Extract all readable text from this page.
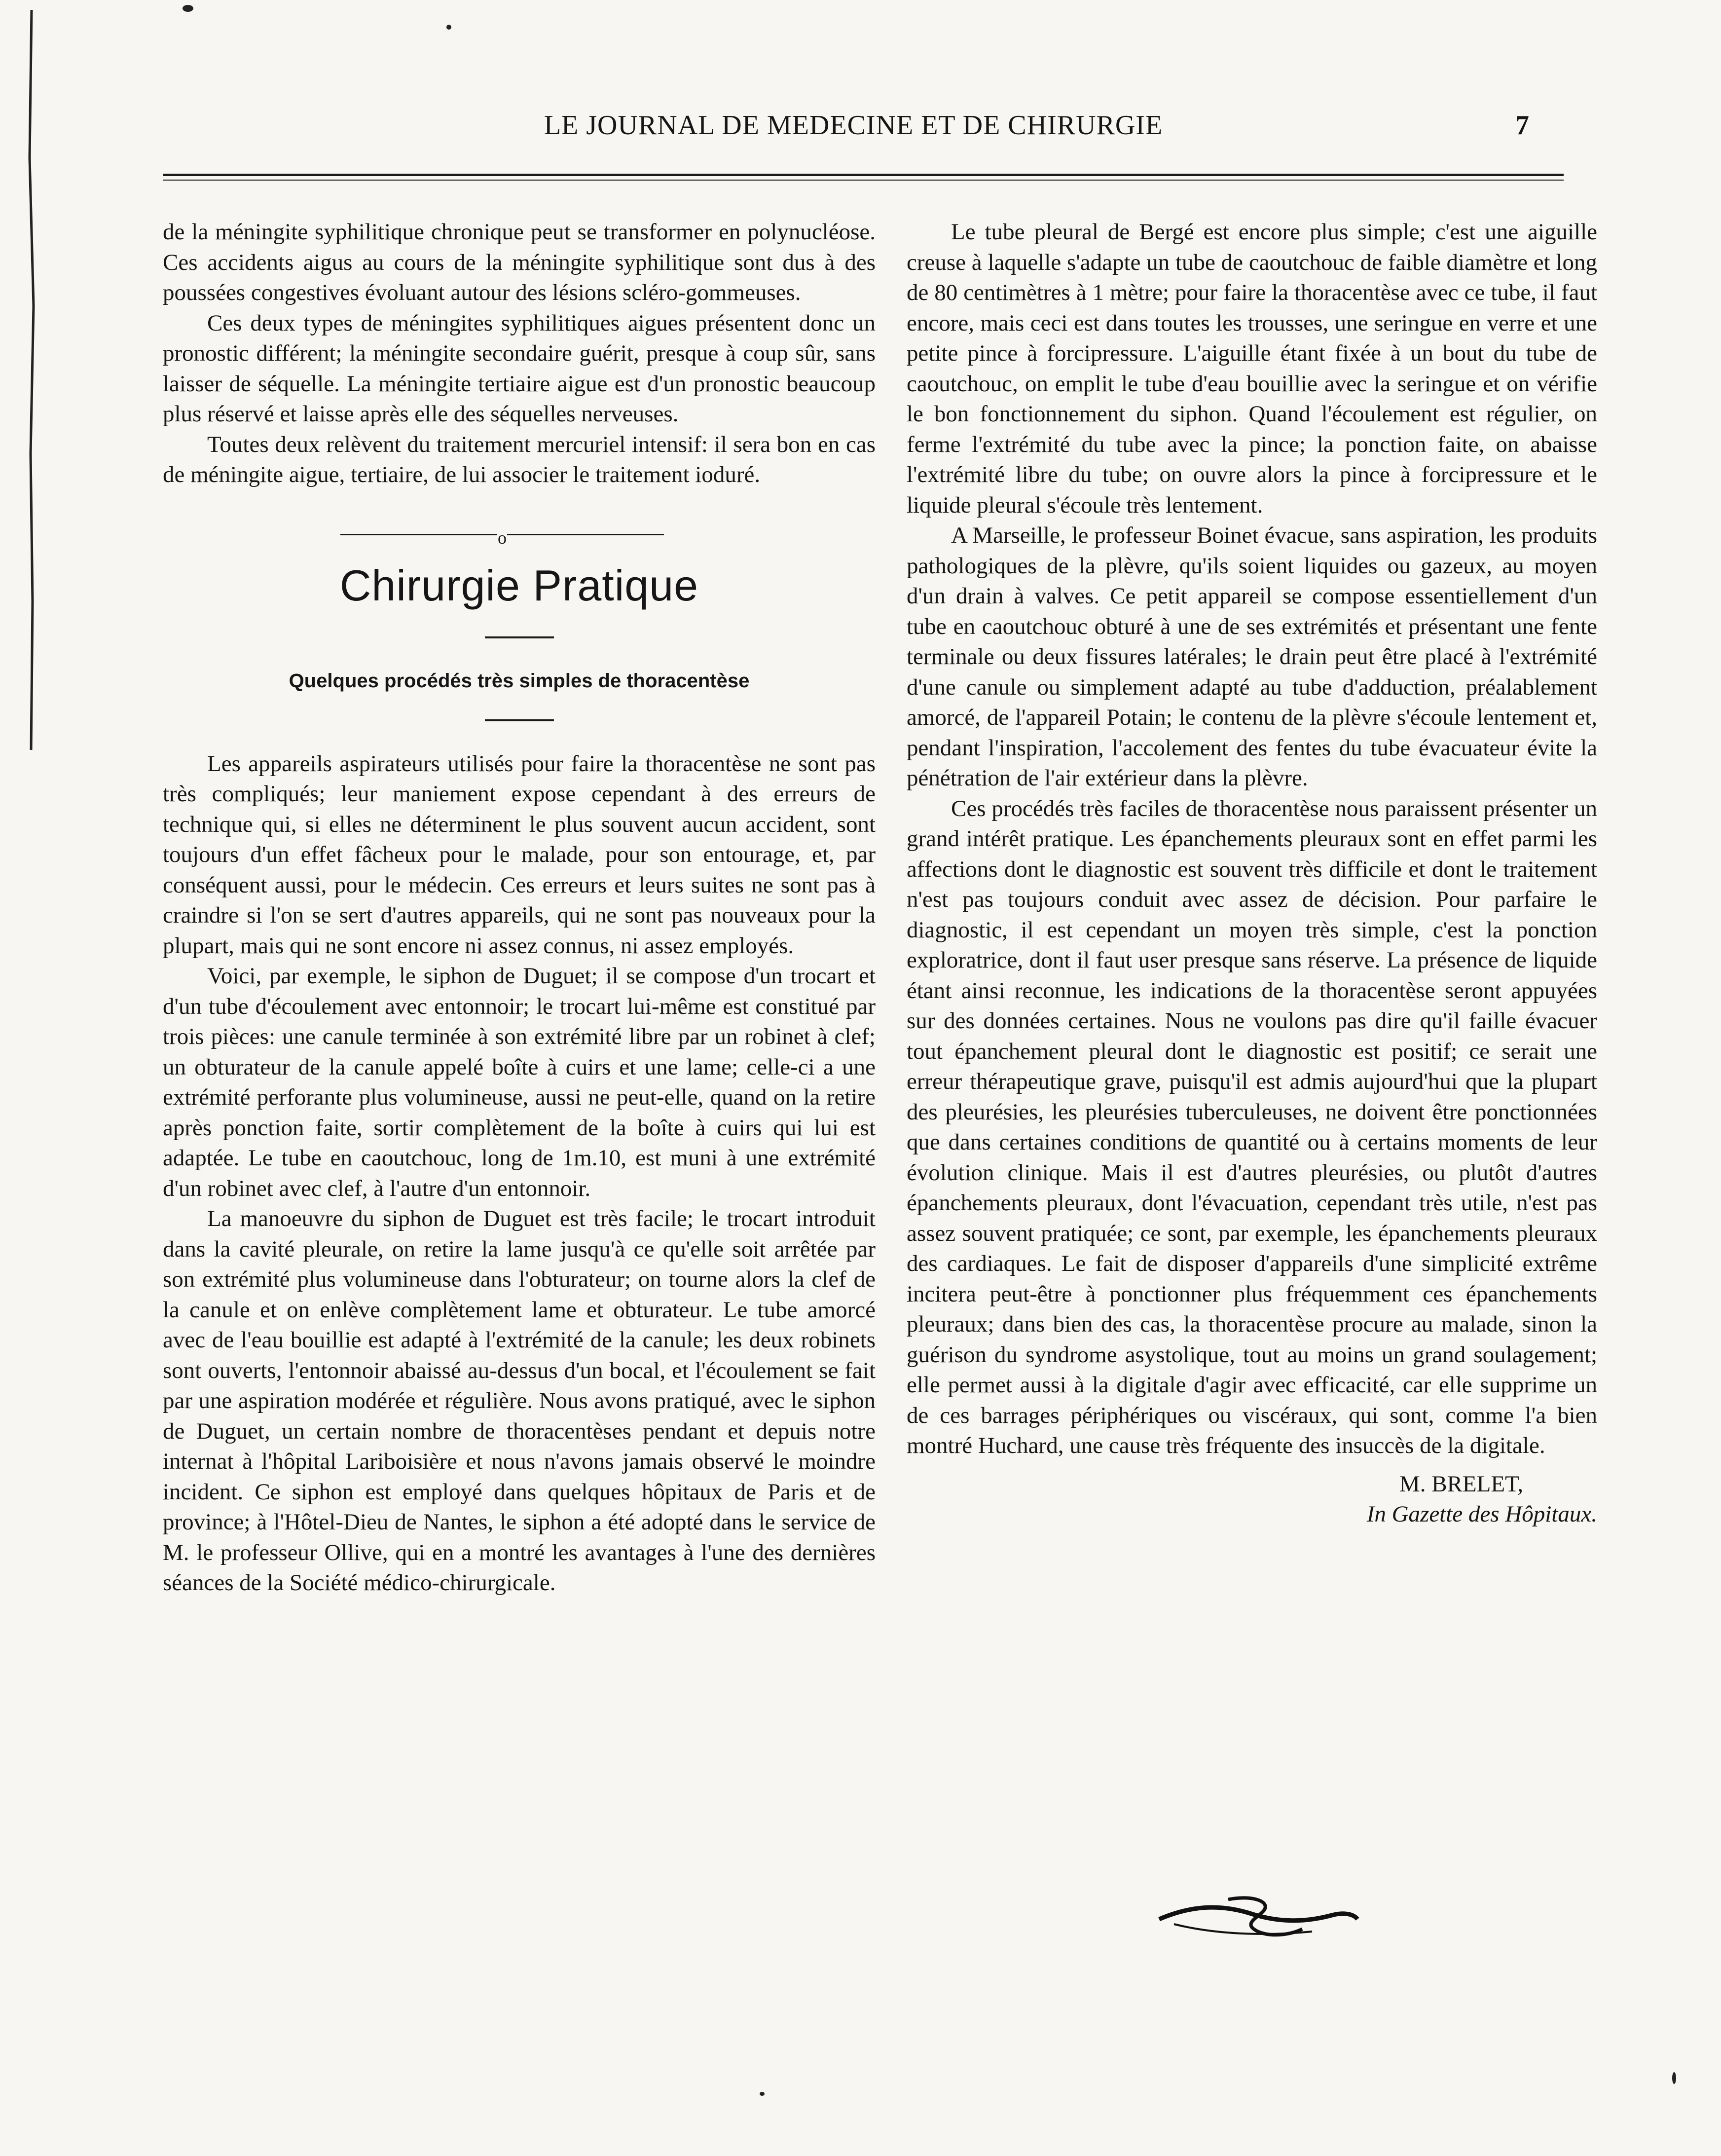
LE JOURNAL DE MEDECINE ET DE CHIRURGIE	7

de la méningite syphilitique chronique peut se transformer en polynucléose. Ces accidents aigus au cours de la méningite syphilitique sont dus à des poussées congestives évoluant autour des lésions scléro-gommeuses.

Ces deux types de méningites syphilitiques aigues présentent donc un pronostic différent; la méningite secondaire guérit, presque à coup sûr, sans laisser de séquelle. La méningite tertiaire aigue est d'un pronostic beaucoup plus réservé et laisse après elle des séquelles nerveuses.

Toutes deux relèvent du traitement mercuriel intensif: il sera bon en cas de méningite aigue, tertiaire, de lui associer le traitement ioduré.

o
Chirurgie Pratique
Quelques procédés très simples de thoracentèse

Les appareils aspirateurs utilisés pour faire la thoracentèse ne sont pas très compliqués; leur maniement expose cependant à des erreurs de technique qui, si elles ne déterminent le plus souvent aucun accident, sont toujours d'un effet fâcheux pour le malade, pour son entourage, et, par conséquent aussi, pour le médecin. Ces erreurs et leurs suites ne sont pas à craindre si l'on se sert d'autres appareils, qui ne sont pas nouveaux pour la plupart, mais qui ne sont encore ni assez connus, ni assez employés.

Voici, par exemple, le siphon de Duguet; il se compose d'un trocart et d'un tube d'écoulement avec entonnoir; le trocart lui-même est constitué par trois pièces: une canule terminée à son extrémité libre par un robinet à clef; un obturateur de la canule appelé boîte à cuirs et une lame; celle-ci a une extrémité perforante plus volumineuse, aussi ne peut-elle, quand on la retire après ponction faite, sortir complètement de la boîte à cuirs qui lui est adaptée. Le tube en caoutchouc, long de 1m.10, est muni à une extrémité d'un robinet avec clef, à l'autre d'un entonnoir.

La manoeuvre du siphon de Duguet est très facile; le trocart introduit dans la cavité pleurale, on retire la lame jusqu'à ce qu'elle soit arrêtée par son extrémité plus volumineuse dans l'obturateur; on tourne alors la clef de la canule et on enlève complètement lame et obturateur. Le tube amorcé avec de l'eau bouillie est adapté à l'extrémité de la canule; les deux robinets sont ouverts, l'entonnoir abaissé au-dessus d'un bocal, et l'écoulement se fait par une aspiration modérée et régulière. Nous avons pratiqué, avec le siphon de Duguet, un certain nombre de thoracentèses pendant et depuis notre internat à l'hôpital Lariboisière et nous n'avons jamais observé le moindre incident. Ce siphon est employé dans quelques hôpitaux de Paris et de province; à l'Hôtel-Dieu de Nantes, le siphon a été adopté dans le service de M. le professeur Ollive, qui en a montré les avantages à l'une des dernières séances de la Société médico-chirurgicale.

Le tube pleural de Bergé est encore plus simple; c'est une aiguille creuse à laquelle s'adapte un tube de caoutchouc de faible diamètre et long de 80 centimètres à 1 mètre; pour faire la thoracentèse avec ce tube, il faut encore, mais ceci est dans toutes les trousses, une seringue en verre et une petite pince à forcipressure. L'aiguille étant fixée à un bout du tube de caoutchouc, on emplit le tube d'eau bouillie avec la seringue et on vérifie le bon fonctionnement du siphon. Quand l'écoulement est régulier, on ferme l'extrémité du tube avec la pince; la ponction faite, on abaisse l'extrémité libre du tube; on ouvre alors la pince à forcipressure et le liquide pleural s'écoule très lentement.

A Marseille, le professeur Boinet évacue, sans aspiration, les produits pathologiques de la plèvre, qu'ils soient liquides ou gazeux, au moyen d'un drain à valves. Ce petit appareil se compose essentiellement d'un tube en caoutchouc obturé à une de ses extrémités et présentant une fente terminale ou deux fissures latérales; le drain peut être placé à l'extrémité d'une canule ou simplement adapté au tube d'adduction, préalablement amorcé, de l'appareil Potain; le contenu de la plèvre s'écoule lentement et, pendant l'inspiration, l'accolement des fentes du tube évacuateur évite la pénétration de l'air extérieur dans la plèvre.

Ces procédés très faciles de thoracentèse nous paraissent présenter un grand intérêt pratique. Les épanchements pleuraux sont en effet parmi les affections dont le diagnostic est souvent très difficile et dont le traitement n'est pas toujours conduit avec assez de décision. Pour parfaire le diagnostic, il est cependant un moyen très simple, c'est la ponction exploratrice, dont il faut user presque sans réserve. La présence de liquide étant ainsi reconnue, les indications de la thoracentèse seront appuyées sur des données certaines. Nous ne voulons pas dire qu'il faille évacuer tout épanchement pleural dont le diagnostic est positif; ce serait une erreur thérapeutique grave, puisqu'il est admis aujourd'hui que la plupart des pleurésies, les pleurésies tuberculeuses, ne doivent être ponctionnées que dans certaines conditions de quantité ou à certains moments de leur évolution clinique. Mais il est d'autres pleurésies, ou plutôt d'autres épanchements pleuraux, dont l'évacuation, cependant très utile, n'est pas assez souvent pratiquée; ce sont, par exemple, les épanchements pleuraux des cardiaques. Le fait de disposer d'appareils d'une simplicité extrême incitera peut-être à ponctionner plus fréquemment ces épanchements pleuraux; dans bien des cas, la thoracentèse procure au malade, sinon la guérison du syndrome asystolique, tout au moins un grand soulagement; elle permet aussi à la digitale d'agir avec efficacité, car elle supprime un de ces barrages périphériques ou viscéraux, qui sont, comme l'a bien montré Huchard, une cause très fréquente des insuccès de la digitale.

M. BRELET,
In Gazette des Hôpitaux.
